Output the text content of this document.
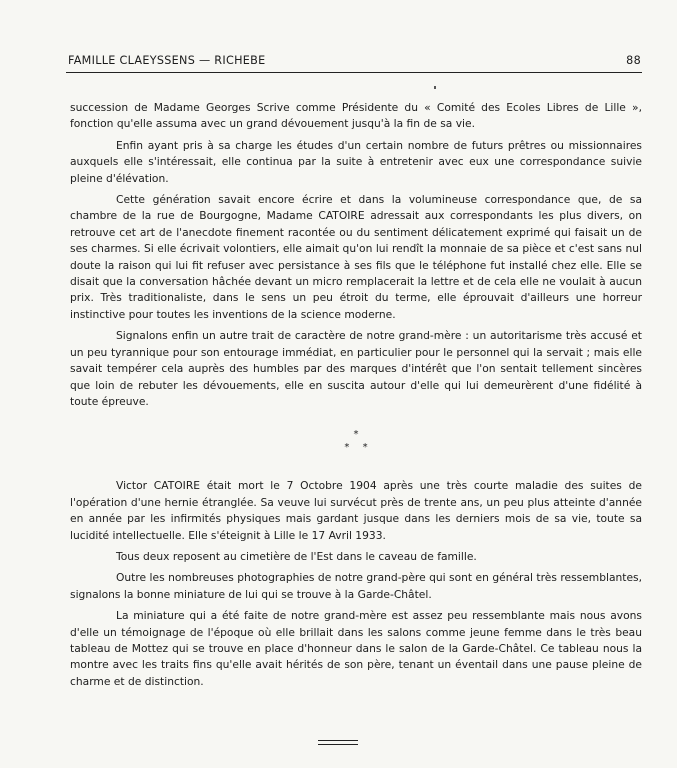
FAMILLE CLAEYSSENS — RICHEBE	88

succession de Madame Georges Scrive comme Présidente du « Comité des Ecoles Libres de Lille », fonction qu'elle assuma avec un grand dévouement jusqu'à la fin de sa vie.

Enfin ayant pris à sa charge les études d'un certain nombre de futurs prêtres ou missionnaires auxquels elle s'intéressait, elle continua par la suite à entretenir avec eux une correspondance suivie pleine d'élévation.

Cette génération savait encore écrire et dans la volumineuse correspondance que, de sa chambre de la rue de Bourgogne, Madame CATOIRE adressait aux correspondants les plus divers, on retrouve cet art de l'anecdote finement racontée ou du sentiment délicatement exprimé qui faisait un de ses charmes. Si elle écrivait volontiers, elle aimait qu'on lui rendît la monnaie de sa pièce et c'est sans nul doute la raison qui lui fit refuser avec persistance à ses fils que le téléphone fut installé chez elle. Elle se disait que la conversation hâchée devant un micro remplacerait la lettre et de cela elle ne voulait à aucun prix. Très traditionaliste, dans le sens un peu étroit du terme, elle éprouvait d'ailleurs une horreur instinctive pour toutes les inventions de la science moderne.

Signalons enfin un autre trait de caractère de notre grand-mère : un autoritarisme très accusé et un peu tyrannique pour son entourage immédiat, en particulier pour le personnel qui la servait ; mais elle savait tempérer cela auprès des humbles par des marques d'intérêt que l'on sentait tellement sincères que loin de rebuter les dévouements, elle en suscita autour d'elle qui lui demeurèrent d'une fidélité à toute épreuve.

*
* *

Victor CATOIRE était mort le 7 Octobre 1904 après une très courte maladie des suites de l'opération d'une hernie étranglée. Sa veuve lui survécut près de trente ans, un peu plus atteinte d'année en année par les infirmités physiques mais gardant jusque dans les derniers mois de sa vie, toute sa lucidité intellectuelle. Elle s'éteignit à Lille le 17 Avril 1933.

Tous deux reposent au cimetière de l'Est dans le caveau de famille.

Outre les nombreuses photographies de notre grand-père qui sont en général très ressemblantes, signalons la bonne miniature de lui qui se trouve à la Garde-Châtel.

La miniature qui a été faite de notre grand-mère est assez peu ressemblante mais nous avons d'elle un témoignage de l'époque où elle brillait dans les salons comme jeune femme dans le très beau tableau de Mottez qui se trouve en place d'honneur dans le salon de la Garde-Châtel. Ce tableau nous la montre avec les traits fins qu'elle avait hérités de son père, tenant un éventail dans une pause pleine de charme et de distinction.
